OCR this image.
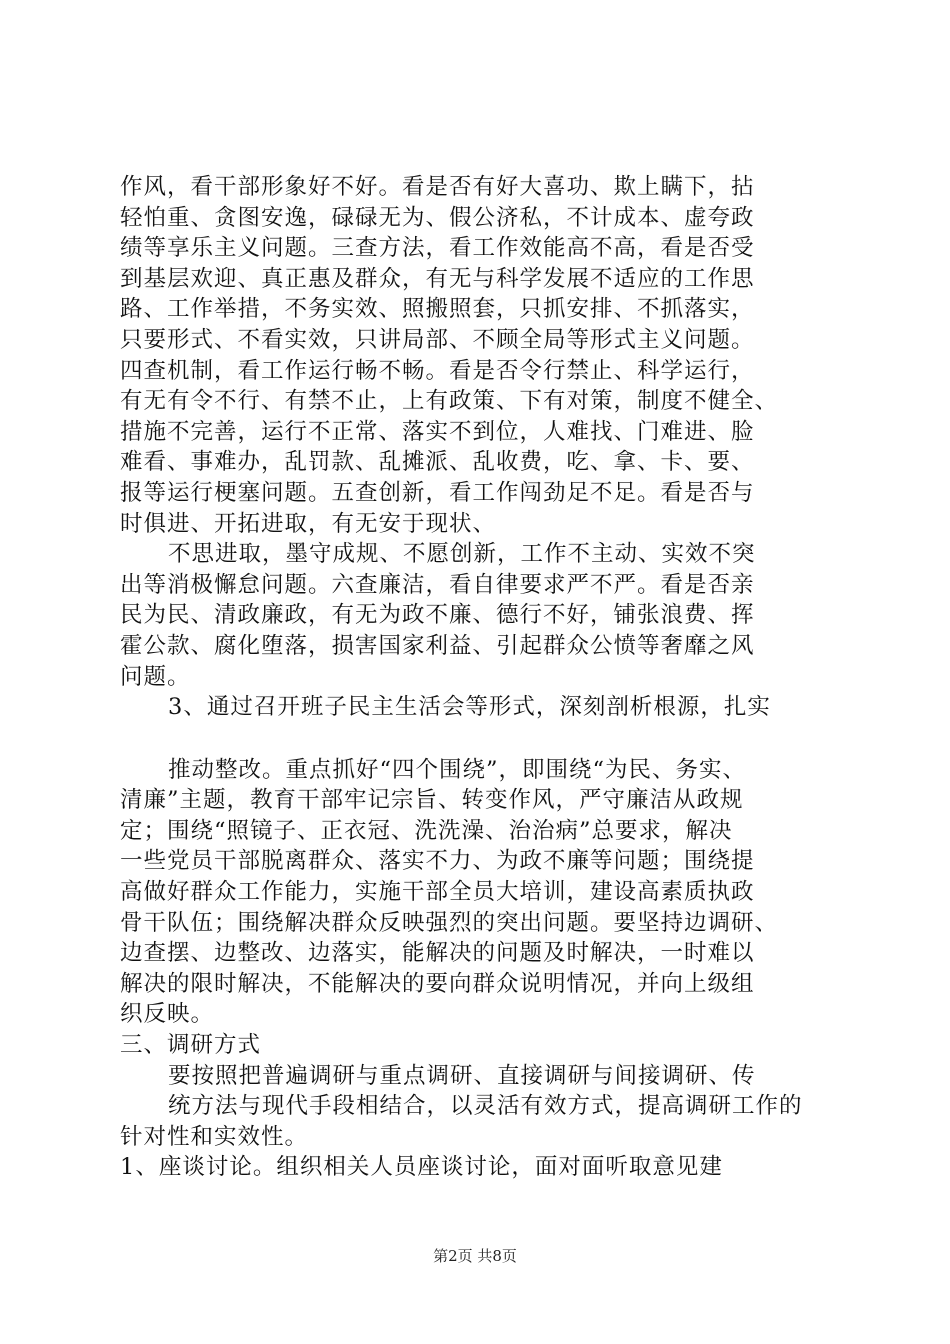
作风，看干部形象好不好。看是否有好大喜功、欺上瞒下，拈
轻怕重、贪图安逸，碌碌无为、假公济私，不计成本、虚夸政
绩等享乐主义问题。三查方法，看工作效能高不高，看是否受
到基层欢迎、真正惠及群众，有无与科学发展不适应的工作思
路、工作举措，不务实效、照搬照套，只抓安排、不抓落实，
只要形式、不看实效，只讲局部、不顾全局等形式主义问题。
四查机制，看工作运行畅不畅。看是否令行禁止、科学运行，
有无有令不行、有禁不止，上有政策、下有对策，制度不健全、
措施不完善，运行不正常、落实不到位，人难找、门难进、脸
难看、事难办，乱罚款、乱摊派、乱收费，吃、拿、卡、要、
报等运行梗塞问题。五查创新，看工作闯劲足不足。看是否与
时俱进、开拓进取，有无安于现状、
不思进取，墨守成规、不愿创新，工作不主动、实效不突
出等消极懈怠问题。六查廉洁，看自律要求严不严。看是否亲
民为民、清政廉政，有无为政不廉、德行不好，铺张浪费、挥
霍公款、腐化堕落，损害国家利益、引起群众公愤等奢靡之风
问题。
3、通过召开班子民主生活会等形式，深刻剖析根源，扎实
推动整改。重点抓好“四个围绕”，即围绕“为民、务实、
清廉”主题，教育干部牢记宗旨、转变作风，严守廉洁从政规
定；围绕“照镜子、正衣冠、洗洗澡、治治病”总要求，解决
一些党员干部脱离群众、落实不力、为政不廉等问题；围绕提
高做好群众工作能力，实施干部全员大培训，建设高素质执政
骨干队伍；围绕解决群众反映强烈的突出问题。要坚持边调研、
边查摆、边整改、边落实，能解决的问题及时解决，一时难以
解决的限时解决，不能解决的要向群众说明情况，并向上级组
织反映。
三、调研方式
要按照把普遍调研与重点调研、直接调研与间接调研、传
统方法与现代手段相结合，以灵活有效方式，提高调研工作的
针对性和实效性。
1、座谈讨论。组织相关人员座谈讨论，面对面听取意见建
第2页 共8页
